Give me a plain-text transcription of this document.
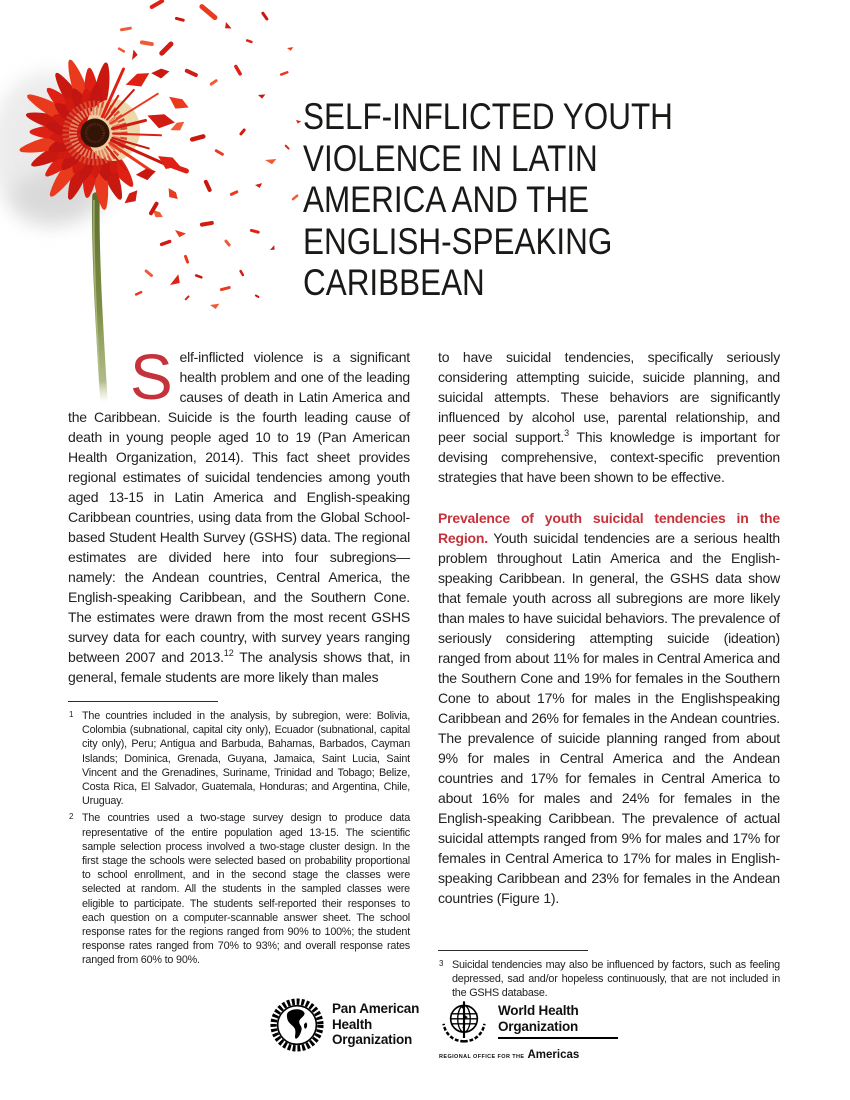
SELF-INFLICTED YOUTH
VIOLENCE IN LATIN
AMERICA AND THE
ENGLISH-SPEAKING
CARIBBEAN
S elf-inflicted violence is a significant health problem and one of the leading causes of death in Latin America and the Caribbean. Suicide is the fourth leading cause of death in young people aged 10 to 19 (Pan American Health Organization, 2014). This fact sheet provides regional estimates of suicidal tendencies among youth aged 13-15 in Latin America and English-speaking Caribbean countries, using data from the Global School-based Student Health Survey (GSHS) data. The regional estimates are divided here into four subregions—namely: the Andean countries, Central America, the English-speaking Caribbean, and the Southern Cone. The estimates were drawn from the most recent GSHS survey data for each country, with survey years ranging between 2007 and 2013.12 The analysis shows that, in general, female students are more likely than males
1 The countries included in the analysis, by subregion, were: Bolivia, Colombia (subnational, capital city only), Ecuador (subnational, capital city only), Peru; Antigua and Barbuda, Bahamas, Barbados, Cayman Islands; Dominica, Grenada, Guyana, Jamaica, Saint Lucia, Saint Vincent and the Grenadines, Suriname, Trinidad and Tobago; Belize, Costa Rica, El Salvador, Guatemala, Honduras; and Argentina, Chile, Uruguay.
2 The countries used a two-stage survey design to produce data representative of the entire population aged 13-15. The scientific sample selection process involved a two-stage cluster design. In the first stage the schools were selected based on probability proportional to school enrollment, and in the second stage the classes were selected at random. All the students in the sampled classes were eligible to participate. The students self-reported their responses to each question on a computer-scannable answer sheet. The school response rates for the regions ranged from 90% to 100%; the student response rates ranged from 70% to 93%; and overall response rates ranged from 60% to 90%.
to have suicidal tendencies, specifically seriously considering attempting suicide, suicide planning, and suicidal attempts. These behaviors are significantly influenced by alcohol use, parental relationship, and peer social support.$^3$ This knowledge is important for devising comprehensive, context-specific prevention strategies that have been shown to be effective.
Prevalence of youth suicidal tendencies in the Region. Youth suicidal tendencies are a serious health problem throughout Latin America and the English-speaking Caribbean. In general, the GSHS data show that female youth across all subregions are more likely than males to have suicidal behaviors. The prevalence of seriously considering attempting suicide (ideation) ranged from about 11% for males in Central America and the Southern Cone and 19% for females in the Southern Cone to about 17% for males in the Englishspeaking Caribbean and 26% for females in the Andean countries. The prevalence of suicide planning ranged from about 9% for males in Central America and the Andean countries and 17% for females in Central America to about 16% for males and 24% for females in the English-speaking Caribbean. The prevalence of actual suicidal attempts ranged from 9% for males and 17% for females in Central America to 17% for males in English-speaking Caribbean and 23% for females in the Andean countries (Figure 1).
3 Suicidal tendencies may also be influenced by factors, such as feeling depressed, sad and/or hopeless continuously, that are not included in the GSHS database.
Pan American
Health
Organization
World Health
Organization
REGIONAL OFFICE FOR THE Americas
